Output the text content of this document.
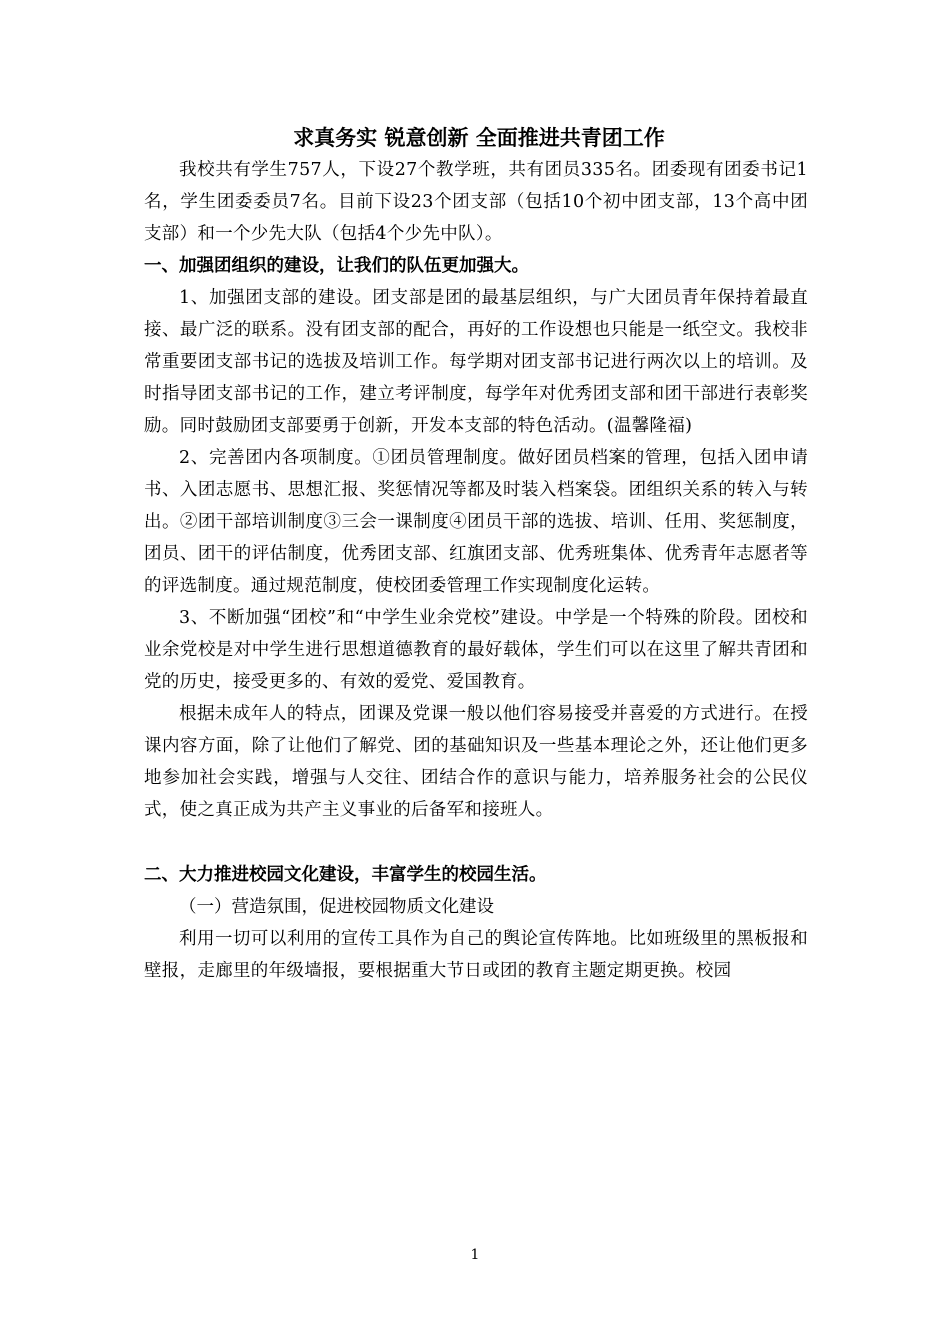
求真务实 锐意创新 全面推进共青团工作

我校共有学生757人，下设27个教学班，共有团员335名。团委现有团委书记1名，学生团委委员7名。目前下设23个团支部（包括10个初中团支部，13个高中团支部）和一个少先大队（包括4个少先中队）。

一、加强团组织的建设，让我们的队伍更加强大。

1、加强团支部的建设。团支部是团的最基层组织，与广大团员青年保持着最直接、最广泛的联系。没有团支部的配合，再好的工作设想也只能是一纸空文。我校非常重要团支部书记的选拔及培训工作。每学期对团支部书记进行两次以上的培训。及时指导团支部书记的工作，建立考评制度，每学年对优秀团支部和团干部进行表彰奖励。同时鼓励团支部要勇于创新，开发本支部的特色活动。(温馨隆福)

2、完善团内各项制度。①团员管理制度。做好团员档案的管理，包括入团申请书、入团志愿书、思想汇报、奖惩情况等都及时装入档案袋。团组织关系的转入与转出。②团干部培训制度③三会一课制度④团员干部的选拔、培训、任用、奖惩制度，团员、团干的评估制度，优秀团支部、红旗团支部、优秀班集体、优秀青年志愿者等的评选制度。通过规范制度，使校团委管理工作实现制度化运转。

3、不断加强“团校”和“中学生业余党校”建设。中学是一个特殊的阶段。团校和业余党校是对中学生进行思想道德教育的最好载体，学生们可以在这里了解共青团和党的历史，接受更多的、有效的爱党、爱国教育。

根据未成年人的特点，团课及党课一般以他们容易接受并喜爱的方式进行。在授课内容方面，除了让他们了解党、团的基础知识及一些基本理论之外，还让他们更多地参加社会实践，增强与人交往、团结合作的意识与能力，培养服务社会的公民仪式，使之真正成为共产主义事业的后备军和接班人。

二、大力推进校园文化建设，丰富学生的校园生活。

（一）营造氛围，促进校园物质文化建设

利用一切可以利用的宣传工具作为自己的舆论宣传阵地。比如班级里的黑板报和壁报，走廊里的年级墙报，要根据重大节日或团的教育主题定期更换。校园

1
